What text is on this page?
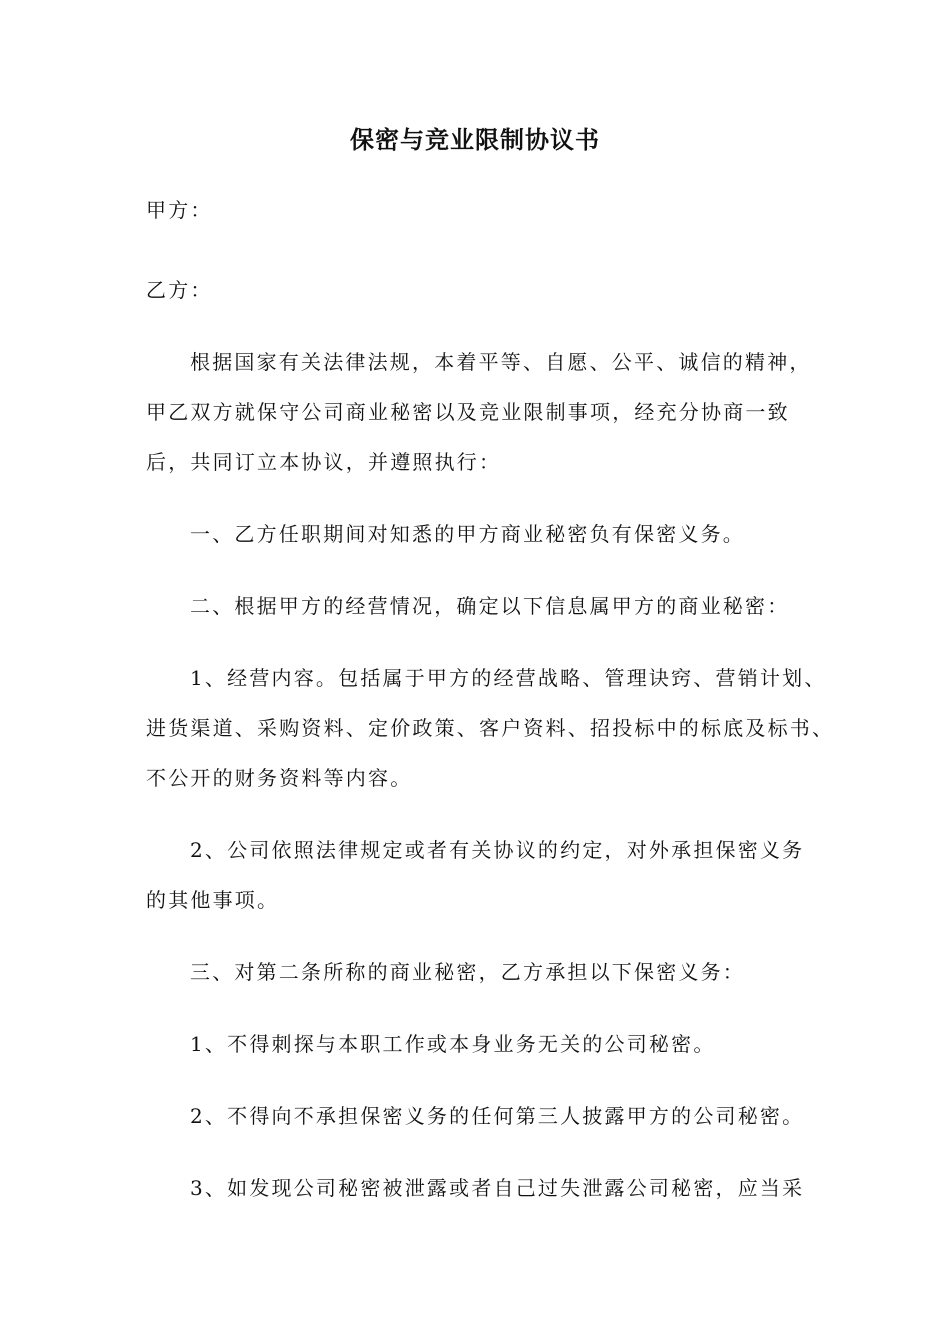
保密与竞业限制协议书
甲方：
乙方：
根据国家有关法律法规，本着平等、自愿、公平、诚信的精神，
甲乙双方就保守公司商业秘密以及竞业限制事项，经充分协商一致
后，共同订立本协议，并遵照执行：
一、乙方任职期间对知悉的甲方商业秘密负有保密义务。
二、根据甲方的经营情况，确定以下信息属甲方的商业秘密：
1、经营内容。包括属于甲方的经营战略、管理诀窍、营销计划、
进货渠道、采购资料、定价政策、客户资料、招投标中的标底及标书、
不公开的财务资料等内容。
2、公司依照法律规定或者有关协议的约定，对外承担保密义务
的其他事项。
三、对第二条所称的商业秘密，乙方承担以下保密义务：
1、不得刺探与本职工作或本身业务无关的公司秘密。
2、不得向不承担保密义务的任何第三人披露甲方的公司秘密。
3、如发现公司秘密被泄露或者自己过失泄露公司秘密，应当采
